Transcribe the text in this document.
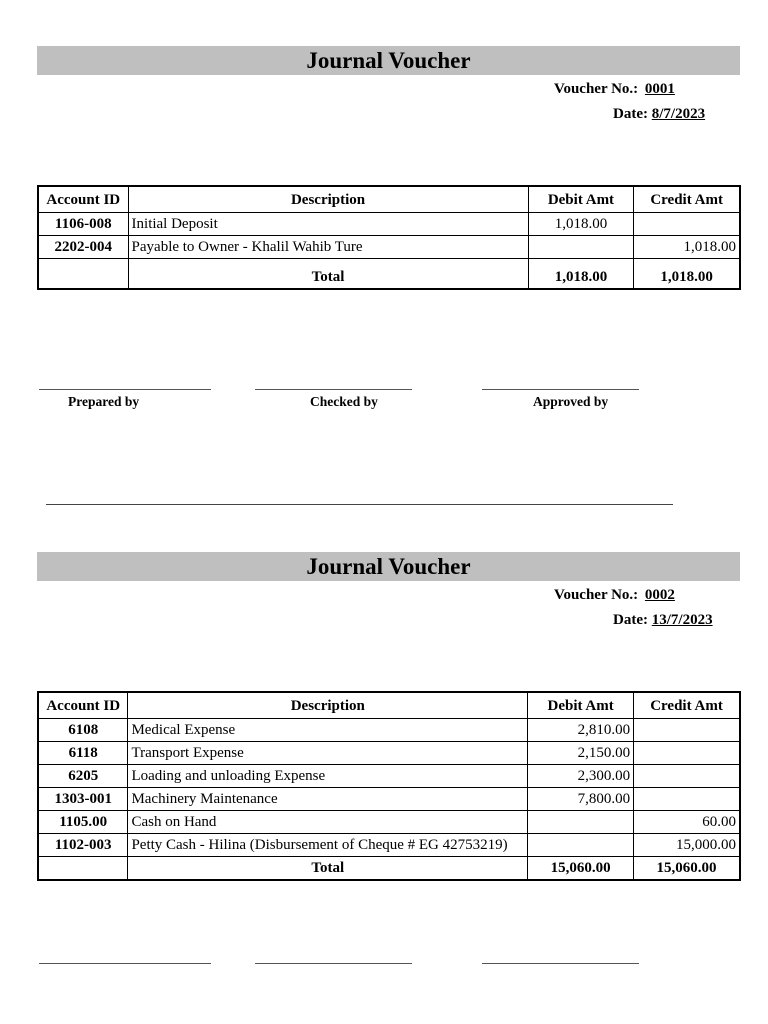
Journal Voucher
Voucher No.: 0001
Date: 8/7/2023
Account ID	Description	Debit Amt	Credit Amt
1106-008	Initial Deposit	1,018.00	
2202-004	Payable to Owner - Khalil Wahib Ture		1,018.00
	Total	1,018.00	1,018.00
Prepared by	Checked by	Approved by
Journal Voucher
Voucher No.: 0002
Date: 13/7/2023
Account ID	Description	Debit Amt	Credit Amt
6108	Medical Expense	2,810.00	
6118	Transport Expense	2,150.00	
6205	Loading and unloading Expense	2,300.00	
1303-001	Machinery Maintenance	7,800.00	
1105.00	Cash on Hand		60.00
1102-003	Petty Cash - Hilina (Disbursement of Cheque # EG 42753219)		15,000.00
	Total	15,060.00	15,060.00
